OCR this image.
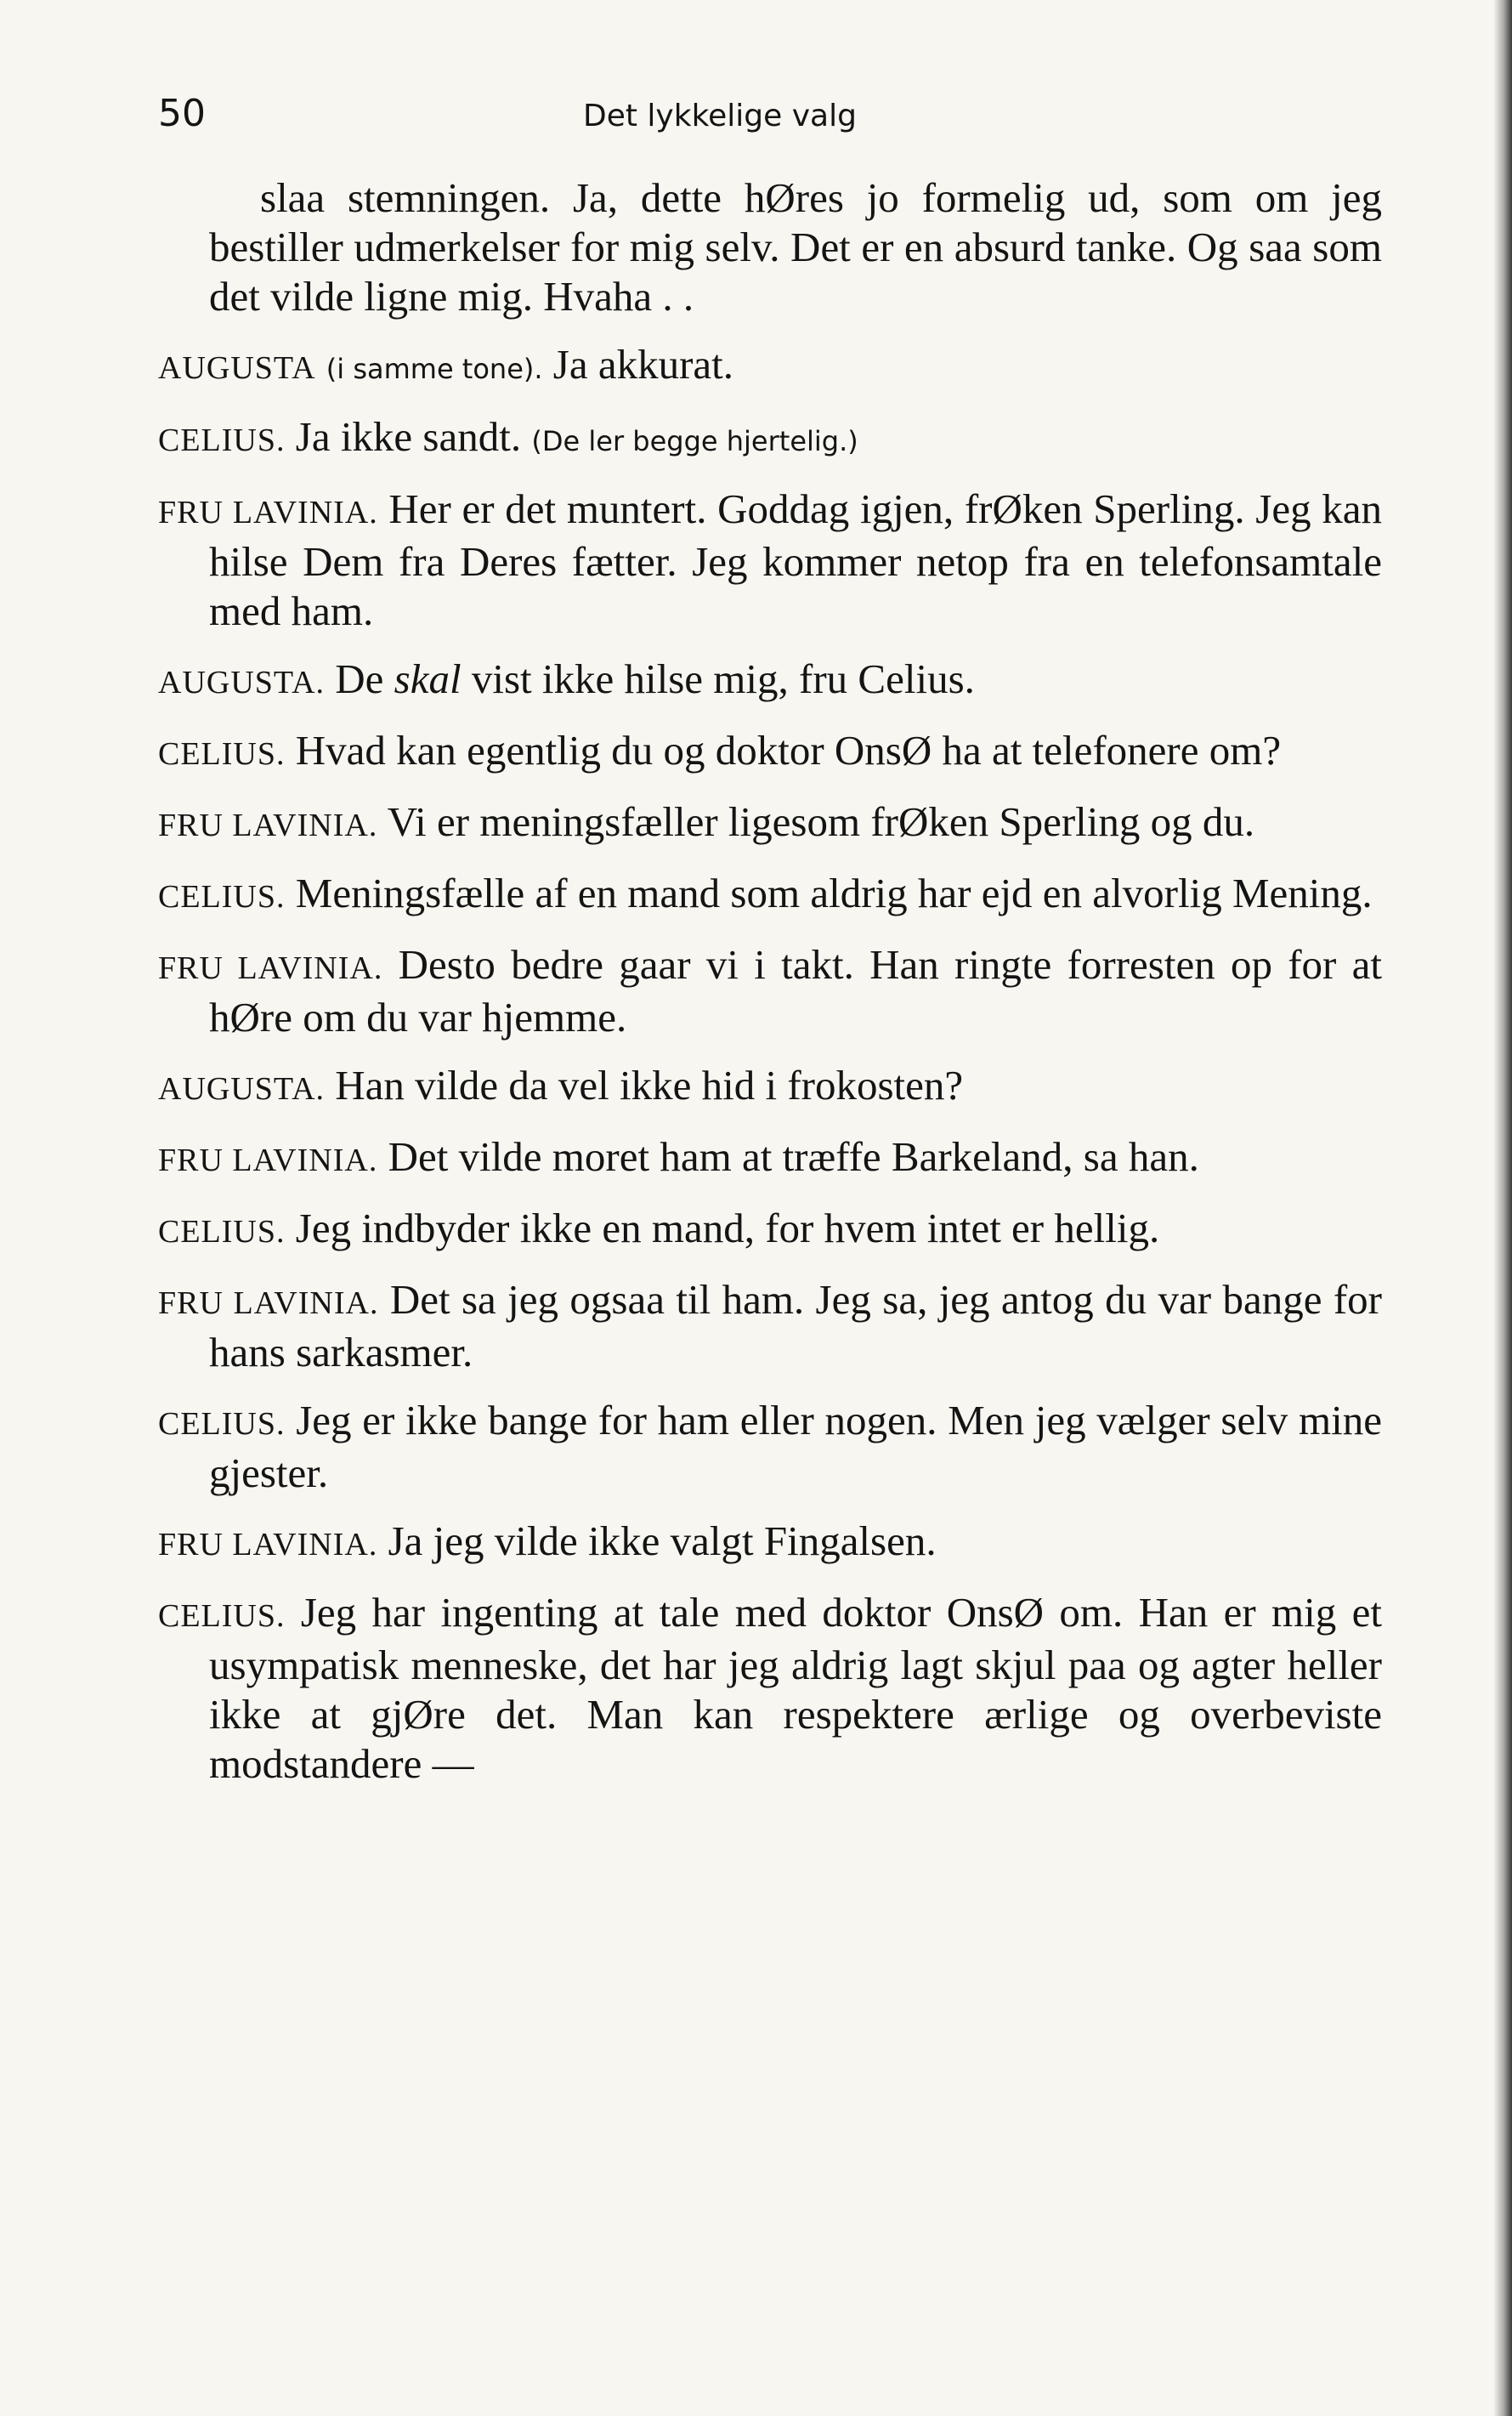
50	Det lykkelige valg

slaa stemningen. Ja, dette hØres jo formelig ud, som om jeg bestiller udmerkelser for mig selv. Det er en absurd tanke. Og saa som det vilde ligne mig. Hvaha . .

AUGUSTA (i samme tone). Ja akkurat.

CELIUS. Ja ikke sandt. (De ler begge hjertelig.)

FRU LAVINIA. Her er det muntert. Goddag igjen, frØken Sperling. Jeg kan hilse Dem fra Deres fætter. Jeg kommer netop fra en telefonsamtale med ham.

AUGUSTA. De skal vist ikke hilse mig, fru Celius.

CELIUS. Hvad kan egentlig du og doktor OnsØ ha at telefonere om?

FRU LAVINIA. Vi er meningsfæller ligesom frØken Sperling og du.

CELIUS. Meningsfælle af en mand som aldrig har ejd en alvorlig Mening.

FRU LAVINIA. Desto bedre gaar vi i takt. Han ringte forresten op for at hØre om du var hjemme.

AUGUSTA. Han vilde da vel ikke hid i frokosten?

FRU LAVINIA. Det vilde moret ham at træffe Barkeland, sa han.

CELIUS. Jeg indbyder ikke en mand, for hvem intet er hellig.

FRU LAVINIA. Det sa jeg ogsaa til ham. Jeg sa, jeg antog du var bange for hans sarkasmer.

CELIUS. Jeg er ikke bange for ham eller nogen. Men jeg vælger selv mine gjester.

FRU LAVINIA. Ja jeg vilde ikke valgt Fingalsen.

CELIUS. Jeg har ingenting at tale med doktor OnsØ om. Han er mig et usympatisk menneske, det har jeg aldrig lagt skjul paa og agter heller ikke at gjØre det. Man kan respektere ærlige og overbeviste modstandere —
